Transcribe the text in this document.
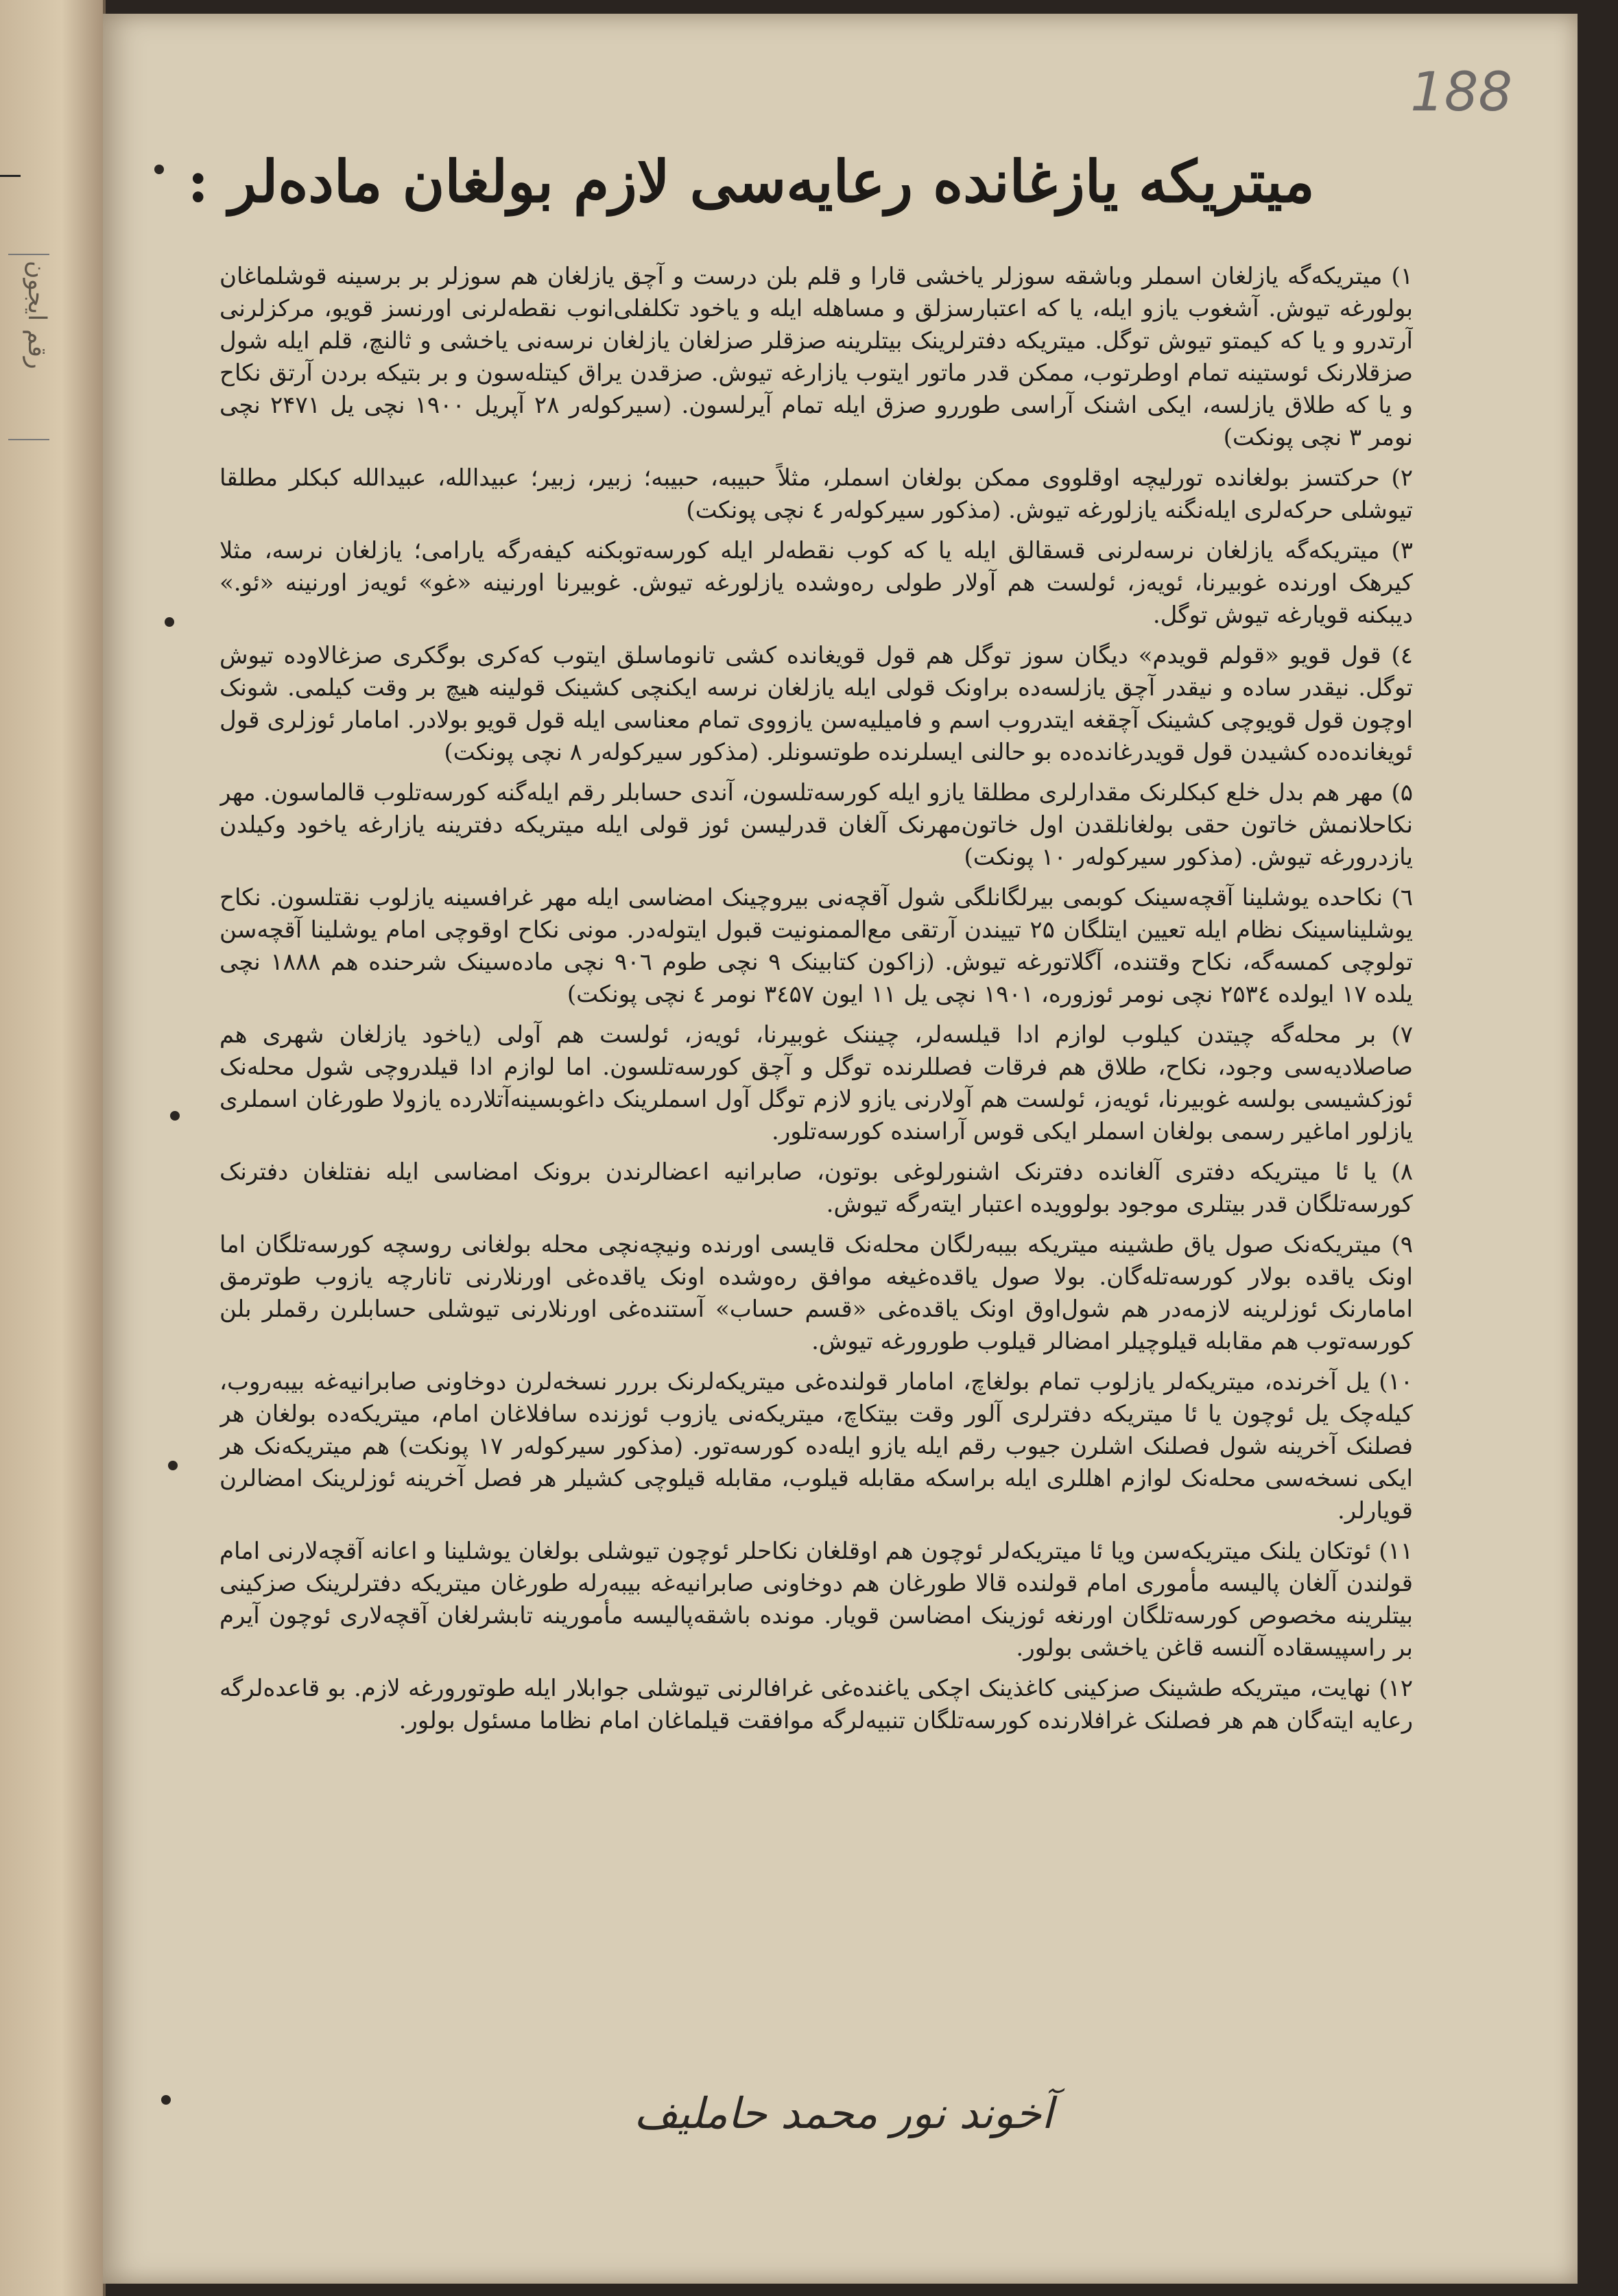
رقم ایجون
188
میتریکه یازغانده رعایه‌سی لازم بولغان ماده‌لر :

۱) میتریکه‌گه یازلغان اسملر وباشقه سوزلر یاخشی قارا و قلم بلن درست و آچق یازلغان هم سوزلر بر برسینه قوشلماغان بولورغه تیوش. آشغوب یازو ایله، یا که اعتبارسزلق و مساهله ایله و یاخود تکلفلی‌انوب نقطه‌لرنی اورنسز قویو، مرکزلرنی آرتدرو و یا که کیمتو تیوش توگل. میتریکه دفترلرینک بیتلرینه صزقلر صزلغان یا‌زلغان نرسه‌نی یاخشی و ثالنچ، قلم ایله شول صزقلارنک ئوستینه تمام اوطرتوب، ممکن قدر ماتور ایتوب یازارغه تیوش. صزقدن یراق کیتله‌سون و بر بتیکه بردن آرتق نکاح و یا که طلاق یازلسه، ایکی اشنک آراسی طوررو صزق ایله تمام آیرلسون. (سیرکوله‌ر ۲۸ آپریل ۱۹۰۰ نچی یل ۲۴۷۱ نچی نومر ۳ نچی پونکت)

۲) حرکتسز بولغانده تورلیچه اوقلووی ممکن بولغان اسملر، مثلاً حبیبه، حبیبه؛ زبیر، زبیر؛ عبیدالله، عبیدالله کبکلر مطلقا تیوشلی حرکه‌لری ایله‌نگنه یازلورغه تیوش. (مذکور سیرکوله‌ر ٤ نچی پونکت)

۳) میتریکه‌گه یازلغان نرسه‌لرنی قسقالق ایله یا که کوب نقطه‌لر ایله کورسه‌توبکنه کیفه‌رگه یارامی؛ یازلغان نرسه، مثلا کیرهک اورنده غوبیرنا، ئویه‌ز، ئولست هم آولار طولی ره‌وشده یازلورغه تیوش. غوبیرنا اورنینه «غو» ئویه‌ز اورنینه «ئو.» دیبکنه قویارغه تیوش توگل.

٤) قول قویو «قولم قویدم» دیگان سوز توگل هم قول قویغانده کشی تانوماسلق ایتوب که‌کری بوگکری صزغالاوده تیوش توگل. نیقدر ساده و نیقدر آچق یازلسه‌ده براونک قولی ایله یازلغان نرسه ایکنچی کشینک قولینه هیچ بر وقت کیلمی. شونک اوچون قول قویوچی کشینک آچقغه ایتدروب اسم و فامیلیه‌سن یازووی تمام معناسی ایله قول قویو بولادر. امامار ئوزلری قول ئویغانده‌ده کشیدن قول قویدرغانده‌ده بو حالنی ایسلرنده طوتسونلر. (مذکور سیرکوله‌ر ۸ نچی پونکت)

۵) مهر هم بدل خلع کبکلرنک مقدارلری مطلقا یازو ایله کورسه‌تلسون، آندی حسابلر رقم ایله‌گنه کورسه‌تلوب قالماسون. مهر نکاحلانمش خاتون حقی بولغانلقدن اول خاتون‌مهرنک آلغان قدرلیسن ئوز قولی ایله میتریکه دفترینه یازارغه یاخود وکیلدن یازدرورغه تیوش. (مذکور سیرکوله‌ر ۱۰ پونکت)

٦) نکاحده یوشلینا آقچه‌سینک کوبمی بیرلگانلگی شول آقچه‌نی بیروچینک امضاسی ایله مهر غرافسینه یازلوب نقتلسون. نکاح یوشلیناسینک نظام ایله تعیین ایتلگان ۲۵ تییندن آرتقی مع‌الممنونیت قبول ایتوله‌در. مونی نکاح اوقوچی امام یوشلینا آقچه‌سن تولوچی کمسه‌گه، نکاح وقتنده، آگلاتورغه تیوش. (زاکون کتابینک ۹ نچی طوم ۹۰٦ نچی ماده‌سینک شرحنده هم ۱۸۸۸ نچی یلده ۱۷ ایولده ۲۵۳٤ نچی نومر ئوزوره، ۱۹۰۱ نچی یل ۱۱ ایون ۳٤۵۷ نومر ٤ نچی پونکت)

۷) بر محله‌گه چیتدن کیلوب لوازم ادا قیلسه‌لر، چیننک غوبیرنا، ئویه‌ز، ئولست هم آولی (یاخود یازلغان شهری هم صاصلادیه‌سی وجود، نکاح، طلاق هم فرقات فصللرنده توگل و آچق کورسه‌تلسون. اما لوازم ادا قیلدروچی شول محله‌نک ئوزکشیسی بولسه غوبیرنا، ئویه‌ز، ئولست هم آولارنی یازو لازم توگل آول اسملرینک داغوبسینه‌آتلارده یازولا طورغان اسملری یازلور اماغیر رسمی بولغان اسملر ایکی قوس آراسنده کورسه‌تلور.

۸) یا ئا میتریکه دفتری آلغانده دفترنک اشنورلوغی بوتون، صابرانیه اعضالرندن برونک امضاسی ایله نفتلغان دفترنک کورسه‌تلگان قدر بیتلری موجود بولوویده اعتبار ایته‌رگه تیوش.

۹) میتریکه‌نک صول یاق طشینه میتریکه بیبه‌رلگان محله‌نک قایسی اورنده ونیچه‌نچی محله بولغانی روسچه کورسه‌تلگان اما اونک یاقده بولار کورسه‌تله‌گان. بولا صول یاقده‌غیغه موافق ره‌وشده اونک یاقده‌غی اورنلارنی تانارچه یازوب طوترمق امامارنک ئوزلرینه لازمه‌در هم شول‌اوق اونک یاقده‌غی «قسم حساب» آستنده‌غی اورنلارنی تیوشلی حسابلرن رقملر بلن کورسه‌توب هم مقابله قیلوچیلر امضالر قیلوب طورورغه تیوش.

۱۰) یل آخرنده، میتریکه‌لر یازلوب تمام بولغاچ، امامار قولنده‌غی میتریکه‌لرنک بررر نسخه‌لرن دوخاونی صابرانیه‌غه بیبه‌روب، کیله‌چک یل ئوچون یا ئا میتریکه دفترلری آلور وقت بیتکاچ، میتریکه‌نی یازوب ئوزنده سافلاغان امام، میتریکه‌ده بولغان هر فصلنک آخرینه شول فصلنک اشلرن جیوب رقم ایله یازو ایله‌ده کورسه‌تور. (مذکور سیرکوله‌ر ۱۷ پونکت) هم میتریکه‌نک هر ایکی نسخه‌سی محله‌نک لوازم اهللری ایله براسکه مقابله قیلوب، مقابله قیلوچی کشیلر هر فصل آخرینه ئوزلرینک امضالرن قویارلر.

۱۱) ئوتکان یلنک میتریکه‌سن ویا ئا میتریکه‌لر ئوچون هم اوقلغان نکاحلر ئوچون تیوشلی بولغان یوشلینا و اعانه آقچه‌لارنی امام قولندن آلغان پالیسه مأموری امام قولنده قالا طورغان هم دوخاونی صابرانیه‌غه بیبه‌رله طورغان میتریکه دفترلرینک صزکینی بیتلرینه مخصوص کورسه‌تلگان اورنغه ئوزینک امضاسن قویار. مونده باشقه‌پالیسه مأمورینه تابشرلغان آقچه‌لاری ئوچون آیرم بر راسپیسقاده آلنسه قاغن یاخشی بولور.

۱۲) نهایت، میتریکه طشینک صزکینی کاغذینک اچکی یاغنده‌غی غرافالرنی تیوشلی جوابلار ایله طوتورورغه لازم. بو قاعده‌لرگه رعایه ایته‌گان هم هر فصلنک غرافلارنده کورسه‌تلگان تنبیه‌لرگه موافقت قیلماغان امام نظاما مسئول بولور.

آخوند نور محمد حاملیف
